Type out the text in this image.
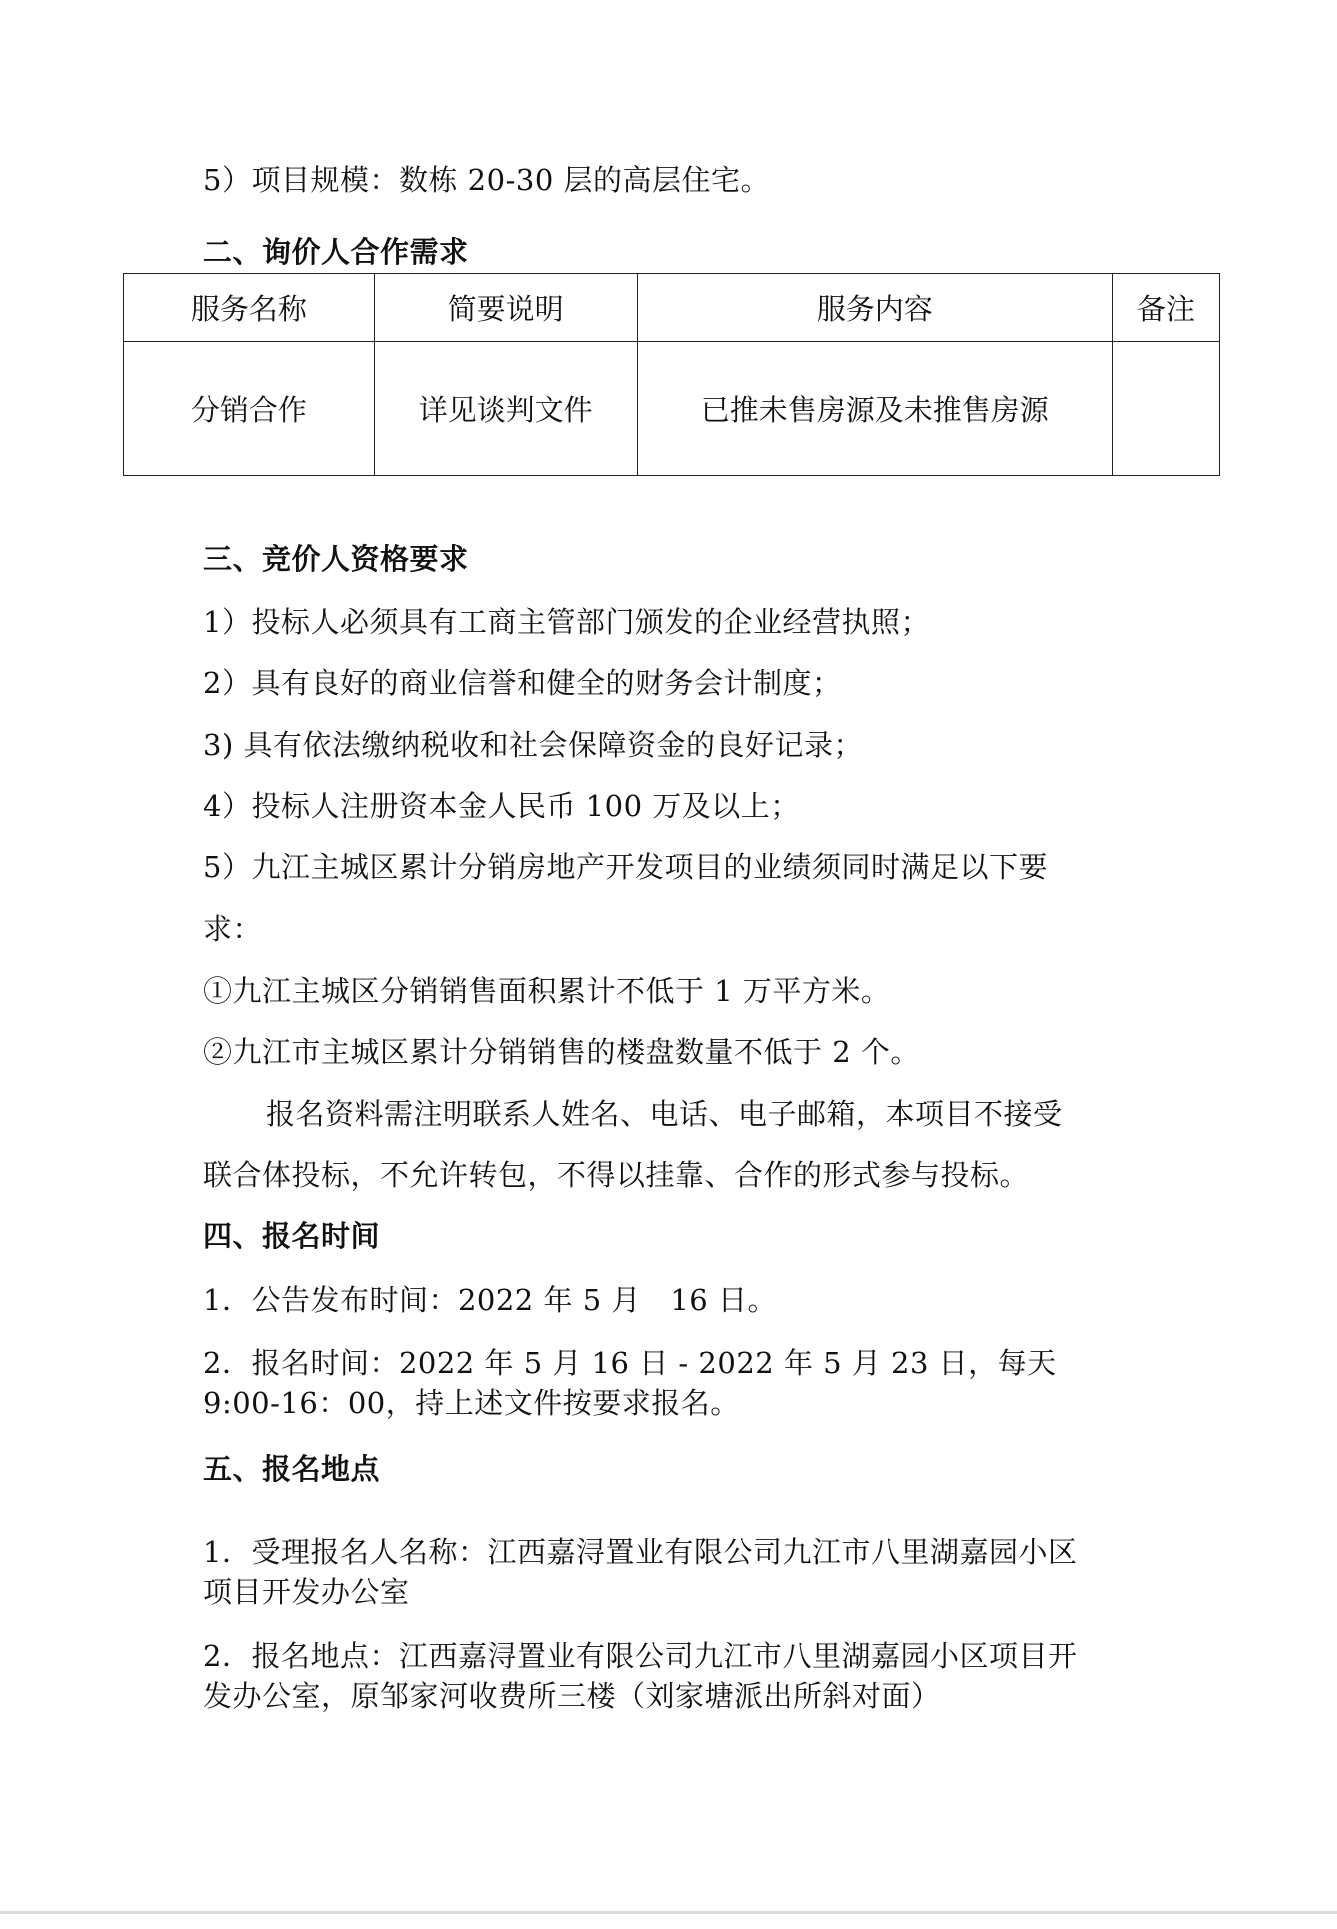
5）项目规模：数栋 20-30 层的高层住宅。
二、询价人合作需求
服务名称	简要说明	服务内容	备注
分销合作	详见谈判文件	已推未售房源及未推售房源	
三、竞价人资格要求
1）投标人必须具有工商主管部门颁发的企业经营执照；
2）具有良好的商业信誉和健全的财务会计制度；
3) 具有依法缴纳税收和社会保障资金的良好记录；
4）投标人注册资本金人民币 100 万及以上；
5）九江主城区累计分销房地产开发项目的业绩须同时满足以下要
求：
①九江主城区分销销售面积累计不低于 1 万平方米。
②九江市主城区累计分销销售的楼盘数量不低于 2 个。
报名资料需注明联系人姓名、电话、电子邮箱，本项目不接受
联合体投标，不允许转包，不得以挂靠、合作的形式参与投标。
四、报名时间
1．公告发布时间：2022 年 5 月　16 日。
2．报名时间：2022 年 5 月 16 日 - 2022 年 5 月 23 日，每天
9:00-16：00，持上述文件按要求报名。
五、报名地点
1．受理报名人名称：江西嘉浔置业有限公司九江市八里湖嘉园小区
项目开发办公室
2．报名地点：江西嘉浔置业有限公司九江市八里湖嘉园小区项目开
发办公室，原邹家河收费所三楼（刘家塘派出所斜对面）
